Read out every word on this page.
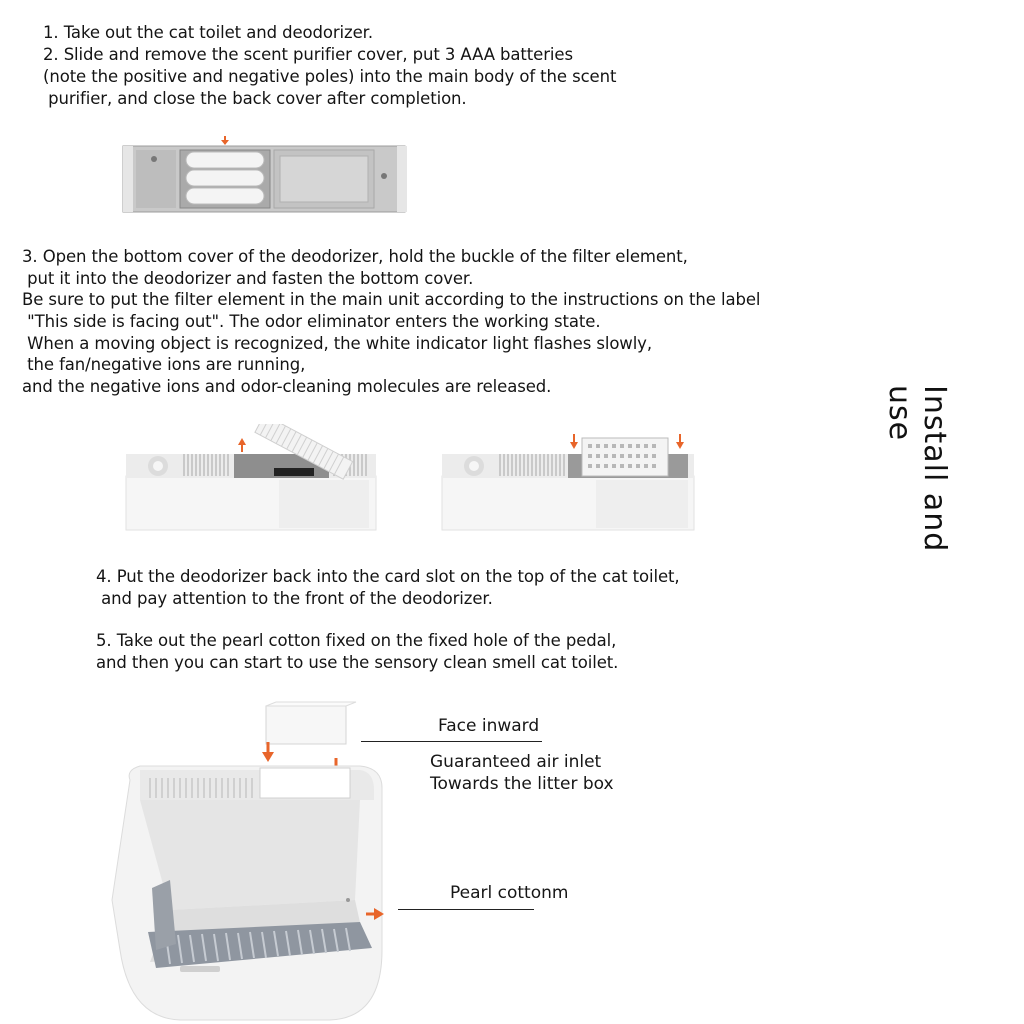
1. Take out the cat toilet and deodorizer.
2. Slide and remove the scent purifier cover, put 3 AAA batteries
(note the positive and negative poles) into the main body of the scent
purifier, and close the back cover after completion.
3. Open the bottom cover of the deodorizer, hold the buckle of the filter element,
put it into the deodorizer and fasten the bottom cover.
Be sure to put the filter element in the main unit according to the instructions on the label
"This side is facing out". The odor eliminator enters the working state.
When a moving object is recognized, the white indicator light flashes slowly,
the fan/negative ions are running,
and the negative ions and odor-cleaning molecules are released.
4. Put the deodorizer back into the card slot on the top of the cat toilet,
and pay attention to the front of the deodorizer.
5. Take out the pearl cotton fixed on the fixed hole of the pedal,
and then you can start to use the sensory clean smell cat toilet.
Face inward
Guaranteed air inlet
Towards the litter box
Pearl cottonm
Install and use
